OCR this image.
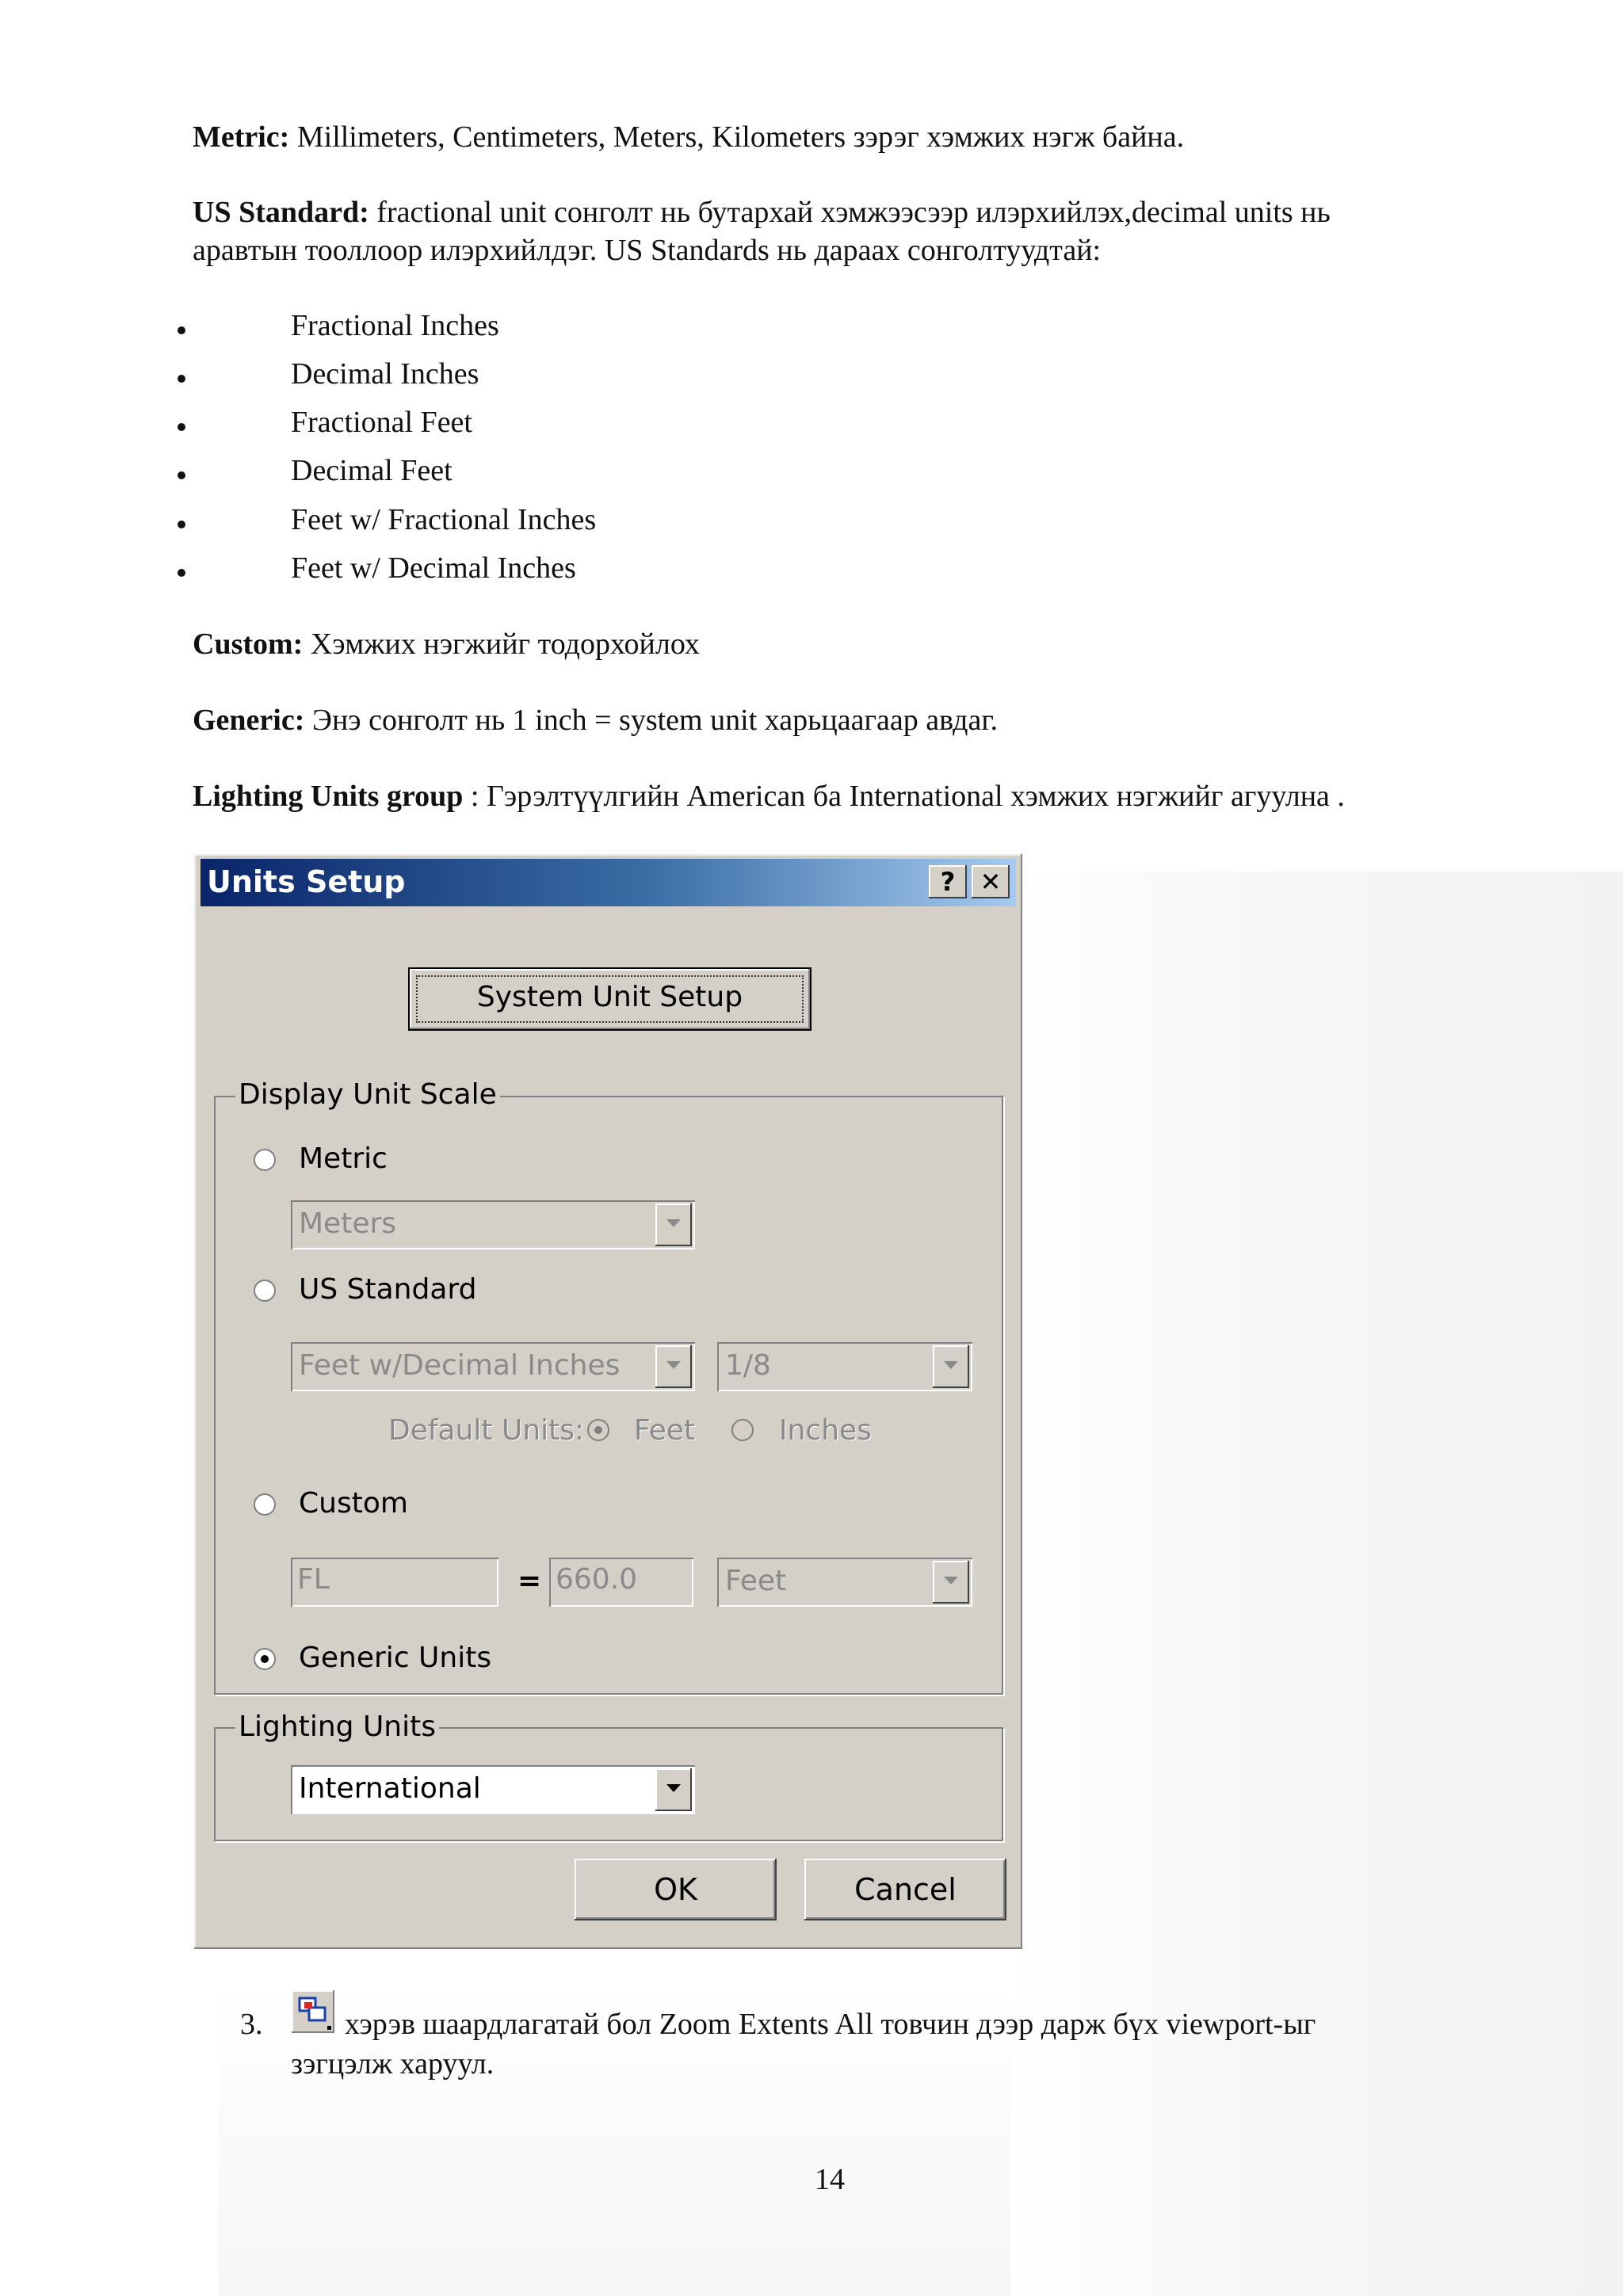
Metric: Millimeters, Centimeters, Meters, Kilometers зэрэг хэмжих нэгж байна.
US Standard: fractional unit сонголт нь бутархай хэмжээсээр илэрхийлэх,decimal units нь
аравтын тооллоор илэрхийлдэг. US Standards нь дараах сонголтуудтай:
Fractional Inches
Decimal Inches
Fractional Feet
Decimal Feet
Feet w/ Fractional Inches
Feet w/ Decimal Inches
Custom: Хэмжих нэгжийг тодорхойлох
Generic: Энэ сонголт нь 1 inch = system unit харьцаагаар авдаг.
Lighting Units group : Гэрэлтүүлгийн American ба International хэмжих нэгжийг агуулна .
Units Setup	? ✕
System Unit Setup
Display Unit Scale
Metric
Meters
US Standard
Feet w/Decimal Inches	1/8
Default Units: Feet	Inches
Custom
FL	= 660.0	Feet
Generic Units
Lighting Units
International
OK	Cancel
3.	хэрэв шаардлагатай бол Zoom Extents All товчин дээр дарж бүх viewport-ыг
зэгцэлж харуул.
14
